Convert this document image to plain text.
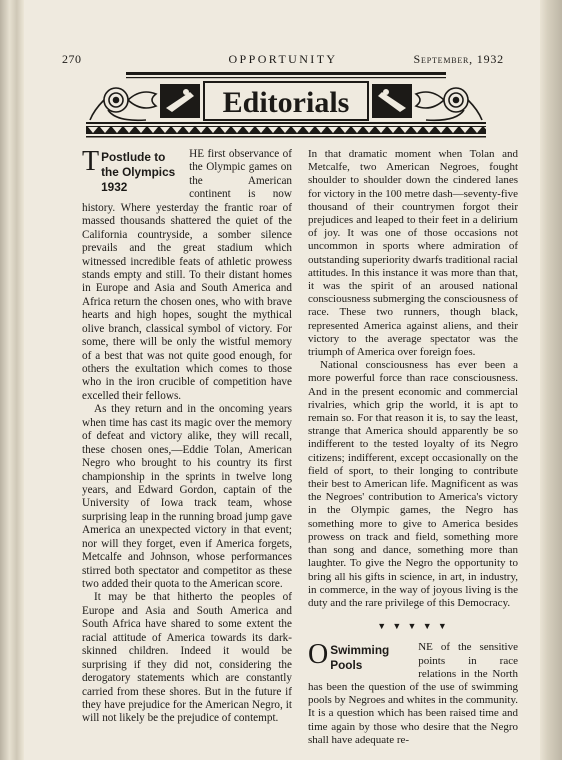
270	OPPORTUNITY	September, 1932
Editorials

T Postlude to the Olympics 1932
HE first observance of the Olympic games on the American continent is now history. Where yesterday the frantic roar of massed thousands shattered the quiet of the California countryside, a somber silence prevails and the great stadium which witnessed incredible feats of athletic prowess stands empty and still. To their distant homes in Europe and Asia and South America and Africa return the chosen ones, who with brave hearts and high hopes, sought the mythical olive branch, classical symbol of victory. For some, there will be only the wistful memory of a best that was not quite good enough, for others the exultation which comes to those who in the iron crucible of competition have excelled their fellows.

As they return and in the oncoming years when time has cast its magic over the memory of defeat and victory alike, they will recall, these chosen ones,—Eddie Tolan, American Negro who brought to his country its first championship in the sprints in twelve long years, and Edward Gordon, captain of the University of Iowa track team, whose surprising leap in the running broad jump gave America an unexpected victory in that event; nor will they forget, even if America forgets, Metcalfe and Johnson, whose performances stirred both spectator and competitor as these two added their quota to the American score.

It may be that hitherto the peoples of Europe and Asia and South America and South Africa have shared to some extent the racial attitude of America towards its dark-skinned children. Indeed it would be surprising if they did not, considering the derogatory statements which are constantly carried from these shores. But in the future if they have prejudice for the American Negro, it will not likely be the prejudice of contempt.

In that dramatic moment when Tolan and Metcalfe, two American Negroes, fought shoulder to shoulder down the cindered lanes for victory in the 100 metre dash—seventy-five thousand of their countrymen forgot their prejudices and leaped to their feet in a delirium of joy. It was one of those occasions not uncommon in sports where admiration of outstanding superiority dwarfs traditional racial attitudes. In this instance it was more than that, it was the spirit of an aroused national consciousness submerging the consciousness of race. These two runners, though black, represented America against aliens, and their victory to the average spectator was the triumph of America over foreign foes.

National consciousness has ever been a more powerful force than race consciousness. And in the present economic and commercial rivalries, which grip the world, it is apt to remain so. For that reason it is, to say the least, strange that America should apparently be so indifferent to the tested loyalty of its Negro citizens; indifferent, except occasionally on the field of sport, to their longing to contribute their best to American life. Magnificent as was the Negroes' contribution to America's victory in the Olympic games, the Negro has something more to give to America besides prowess on track and field, something more than song and dance, something more than laughter. To give the Negro the opportunity to bring all his gifts in science, in art, in industry, in commerce, in the way of joyous living is the duty and the rare privilege of this Democracy.

▼ ▼ ▼ ▼ ▼

O Swimming Pools
NE of the sensitive points in race relations in the North has been the question of the use of swimming pools by Negroes and whites in the community. It is a question which has been raised time and time again by those who desire that the Negro shall have adequate re-
